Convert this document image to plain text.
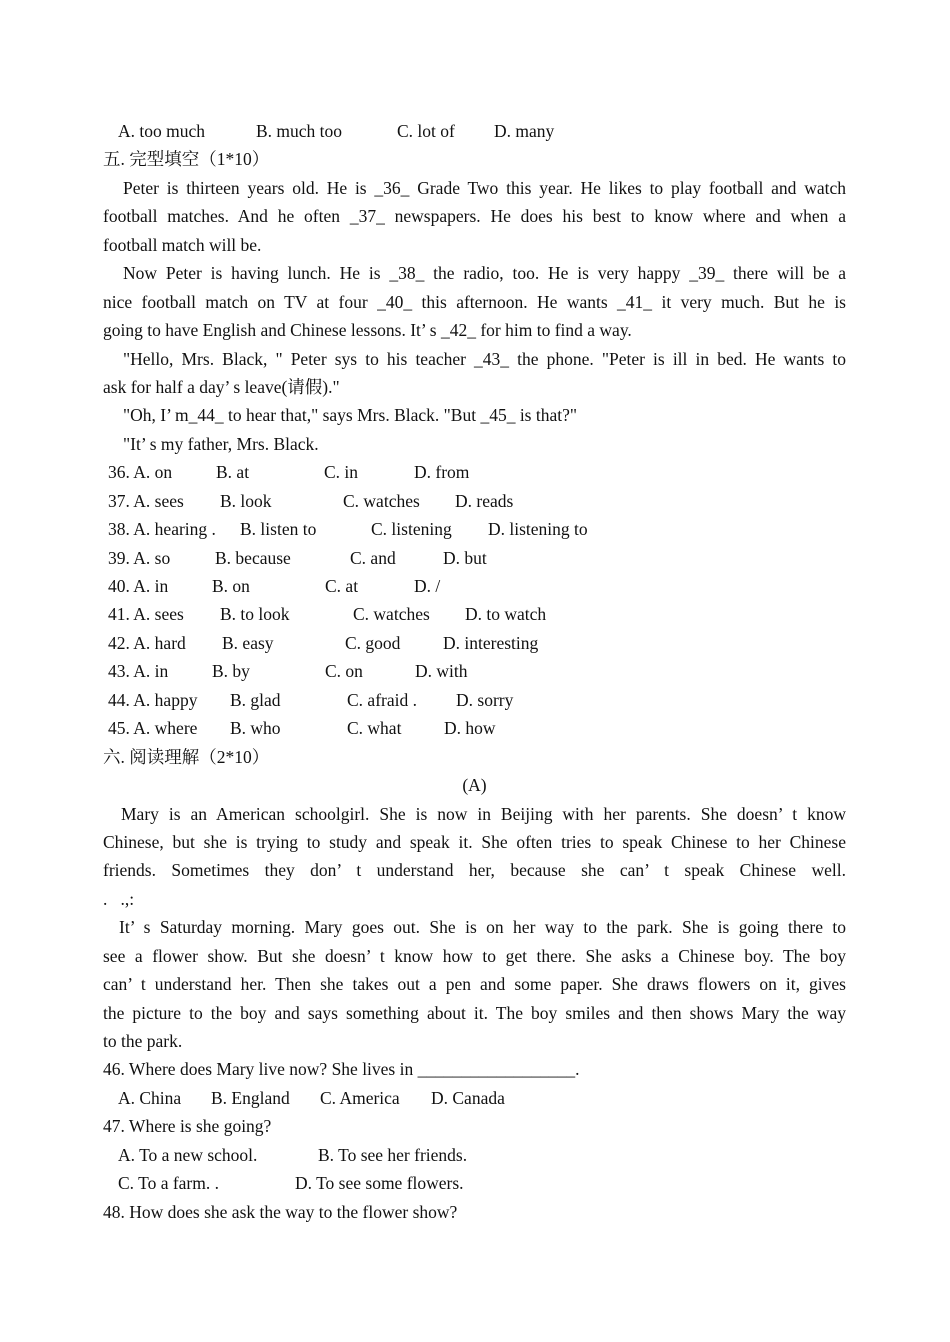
A. too much

	B. much too

	C. lot of

D. many

五. 完型填空（1*10）
Peter is thirteen years old. He is _36_ Grade Two this year. He likes to play football and watch
football matches. And he often _37_ newspapers. He does his best to know where and when a
football match will be.
Now Peter is having lunch. He is _38_ the radio, too. He is very happy _39_ there will be a
nice football match on TV at four _40_ this afternoon. He wants _41_ it very much. But he is
going to have English and Chinese lessons. It’ s _42_ for him to find a way.
"Hello, Mrs. Black, " Peter sys to his teacher _43_ the phone. "Peter is ill in bed. He wants to
ask for half a day’ s leave(请假)."
"Oh, I’ m_44_ to hear that," says Mrs. Black. "But _45_ is that?"
"It’ s my father, Mrs. Black.

36. A. on

	B. at

	C. in

	D. from

37. A. sees

B. look

	C. watches

D. reads

38. A. hearing .

B. listen to

	C. listening

D. listening to

39. A. so

	B. because

	C. and

	D. but

40. A. in

B. on

	C. at

	D. /

41. A. sees

B. to look

	C. watches

D. to watch

42. A. hard

B. easy

	C. good

D. interesting

43. A. in

B. by

	C. on

	D. with

44. A. happy

B. glad

	C. afraid .

D. sorry

45. A. where

B. who

	C. what

D. how

六. 阅读理解（2*10）
(A)
Mary is an American schoolgirl. She is now in Beijing with her parents. She doesn’ t know
Chinese, but she is trying to study and speak it. She often tries to speak Chinese to her Chinese
friends. Sometimes they don’ t understand her, because she can’ t speak Chinese well.
.   .,:
It’ s Saturday morning. Mary goes out. She is on her way to the park. She is going there to
see a flower show. But she doesn’ t know how to get there. She asks a Chinese boy. The boy
can’ t understand her. Then she takes out a pen and some paper. She draws flowers on it, gives
the picture to the boy and says something about it. The boy smiles and then shows Mary the way
to the park.
46. Where does Mary live now? She lives in __________________.

A. China

B. England

C. America

D. Canada

47. Where is she going?

A. To a new school.

	B. To see her friends.

C. To a farm. .

	D. To see some flowers.

48. How does she ask the way to the flower show?
